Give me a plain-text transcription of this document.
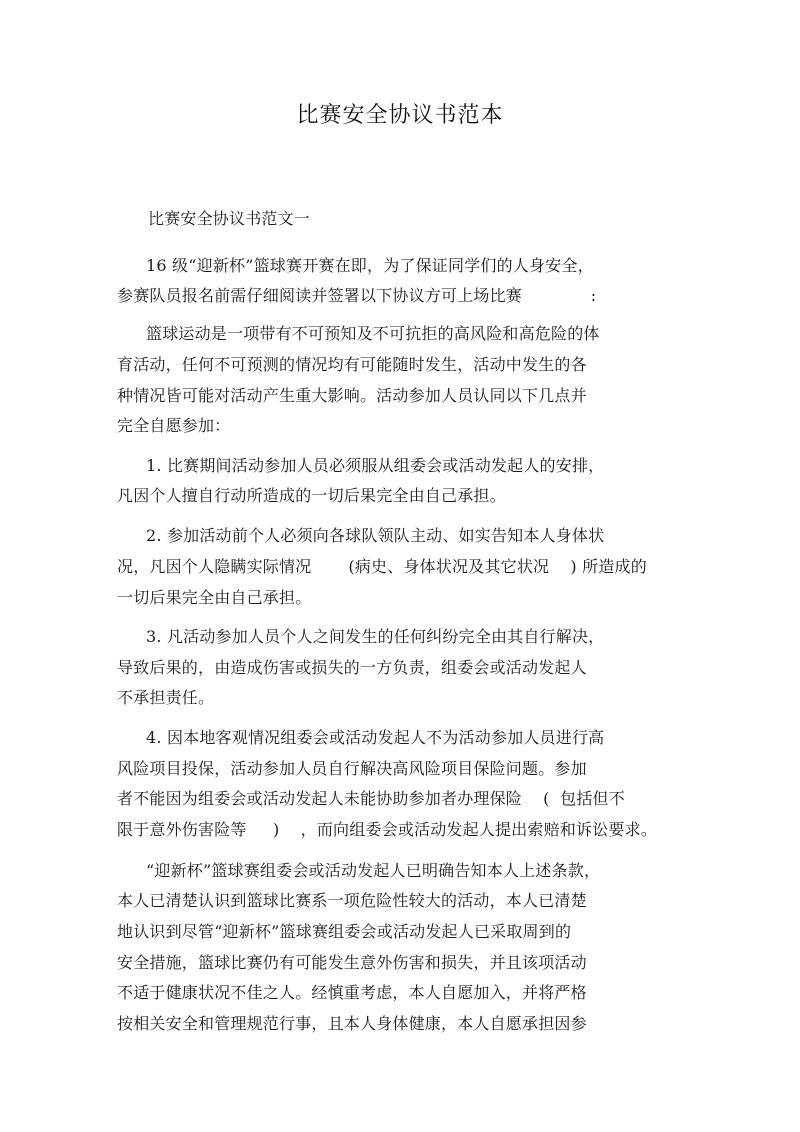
比赛安全协议书范本
比赛安全协议书范文一
16 级“迎新杯”篮球赛开赛在即，为了保证同学们的人身安全，
参赛队员报名前需仔细阅读并签署以下协议方可上场比赛             :
篮球运动是一项带有不可预知及不可抗拒的高风险和高危险的体
育活动，任何不可预测的情况均有可能随时发生，活动中发生的各
种情况皆可能对活动产生重大影响。活动参加人员认同以下几点并
完全自愿参加：
1. 比赛期间活动参加人员必须服从组委会或活动发起人的安排，
凡因个人擅自行动所造成的一切后果完全由自己承担。
2. 参加活动前个人必须向各球队领队主动、如实告知本人身体状
况，凡因个人隐瞒实际情况       (病史、身体状况及其它状况    ) 所造成的
一切后果完全由自己承担。
3. 凡活动参加人员个人之间发生的任何纠纷完全由其自行解决，
导致后果的，由造成伤害或损失的一方负责，组委会或活动发起人
不承担责任。
4. 因本地客观情况组委会或活动发起人不为活动参加人员进行高
风险项目投保，活动参加人员自行解决高风险项目保险问题。参加
者不能因为组委会或活动发起人未能协助参加者办理保险    (  包括但不
限于意外伤害险等     )    ，而向组委会或活动发起人提出索赔和诉讼要求。
“迎新杯”篮球赛组委会或活动发起人已明确告知本人上述条款，
本人已清楚认识到篮球比赛系一项危险性较大的活动，本人已清楚
地认识到尽管“迎新杯”篮球赛组委会或活动发起人已采取周到的
安全措施，篮球比赛仍有可能发生意外伤害和损失，并且该项活动
不适于健康状况不佳之人。经慎重考虑，本人自愿加入，并将严格
按相关安全和管理规范行事，且本人身体健康，本人自愿承担因参
